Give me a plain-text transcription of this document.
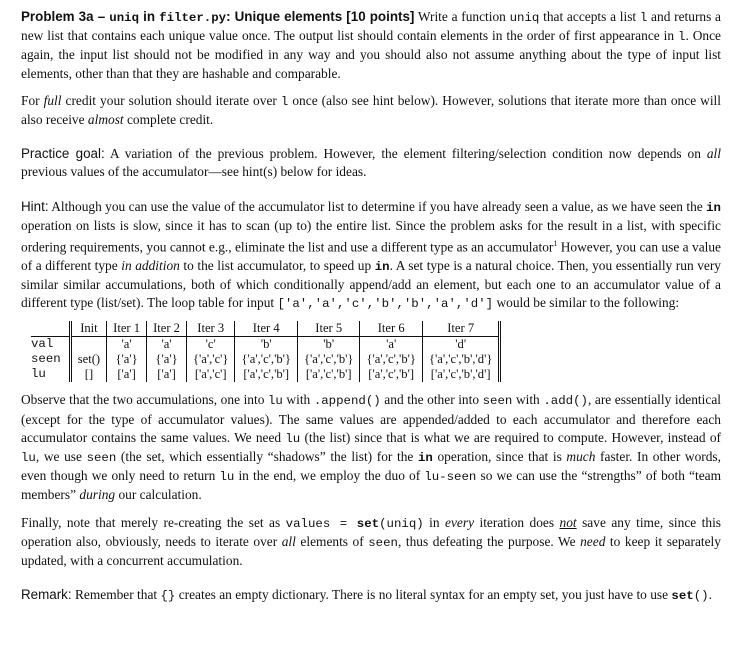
Problem 3a – uniq in filter.py: Unique elements [10 points] Write a function uniq that accepts a list l and returns a new list that contains each unique value once. The output list should contain elements in the order of first appearance in l. Once again, the input list should not be modified in any way and you should also not assume anything about the type of input list elements, other than that they are hashable and comparable.

For full credit your solution should iterate over l once (also see hint below). However, solutions that iterate more than once will also receive almost complete credit.

Practice goal: A variation of the previous problem. However, the element filtering/selection condition now depends on all previous values of the accumulator—see hint(s) below for ideas.

Hint: Although you can use the value of the accumulator list to determine if you have already seen a value, as we have seen the in operation on lists is slow, since it has to scan (up to) the entire list. Since the problem asks for the result in a list, with specific ordering requirements, you cannot e.g., eliminate the list and use a different type as an accumulator$^1$ However, you can use a value of a different type in addition to the list accumulator, to speed up in. A set type is a natural choice. Then, you essentially run very similar similar accumulations, both of which conditionally append/add an element, but each one to an accumulator value of a different type (list/set). The loop table for input ['a','a','c','b','b','a','d'] would be similar to the following:

	Init	Iter 1	Iter 2	Iter 3	Iter 4	Iter 5	Iter 6	Iter 7
val		'a'	'a'	'c'	'b'	'b'	'a'	'd'
seen	set()	{'a'}	{'a'}	{'a','c'}	{'a','c','b'}	{'a','c','b'}	{'a','c','b'}	{'a','c','b','d'}
lu	[]	['a']	['a']	['a','c']	['a','c','b']	['a','c','b']	['a','c','b']	['a','c','b','d']

Observe that the two accumulations, one into lu with .append() and the other into seen with .add(), are essentially identical (except for the type of accumulator values). The same values are appended/added to each accumulator and therefore each accumulator contains the same values. We need lu (the list) since that is what we are required to compute. However, instead of lu, we use seen (the set, which essentially “shadows” the list) for the in operation, since that is much faster. In other words, even though we only need to return lu in the end, we employ the duo of lu-seen so we can use the “strengths” of both “team members” during our calculation.

Finally, note that merely re-creating the set as values = set(uniq) in every iteration does not save any time, since this operation also, obviously, needs to iterate over all elements of seen, thus defeating the purpose. We need to keep it separately updated, with a concurrent accumulation.

Remark: Remember that {} creates an empty dictionary. There is no literal syntax for an empty set, you just have to use set().
